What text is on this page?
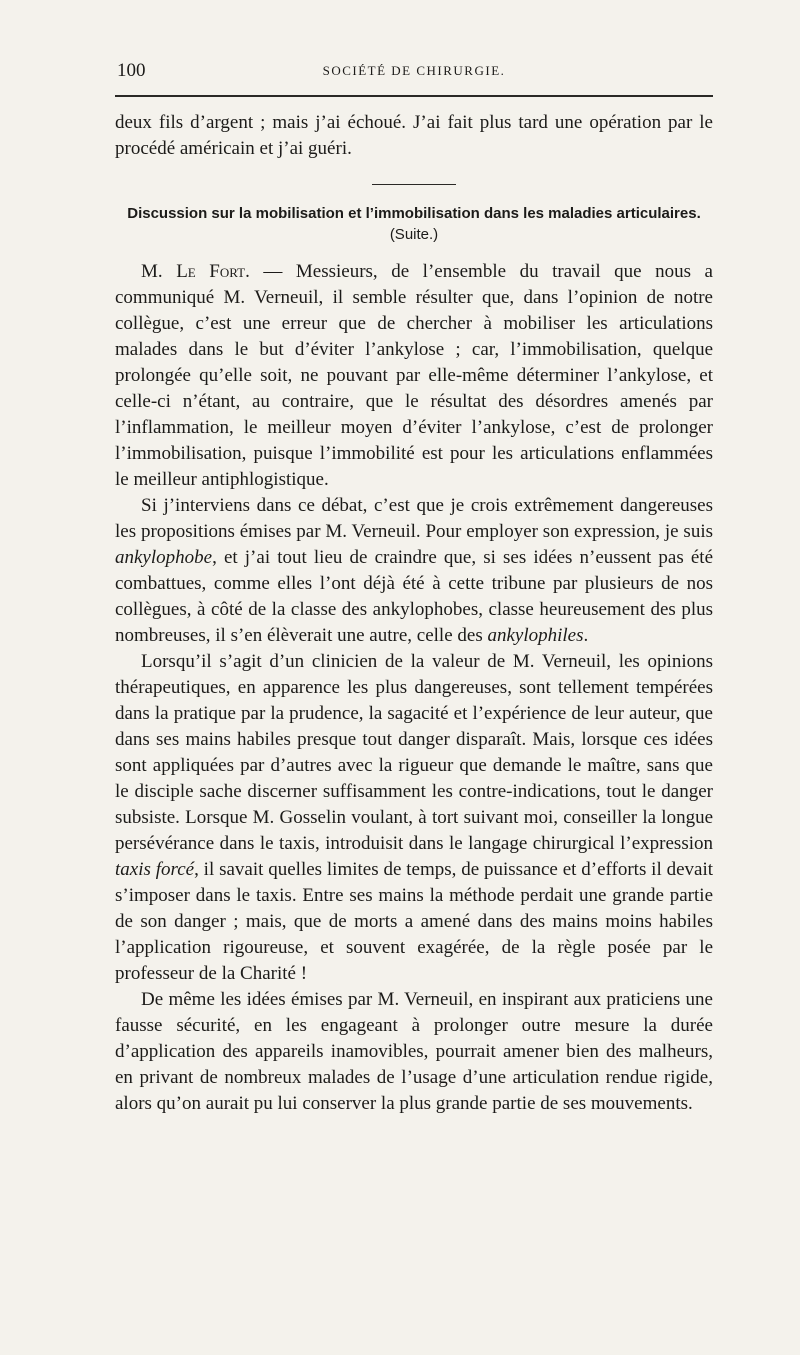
100	SOCIÉTÉ DE CHIRURGIE.

deux fils d’argent ; mais j’ai échoué. J’ai fait plus tard une opération par le procédé américain et j’ai guéri.

Discussion sur la mobilisation et l’immobilisation dans les maladies articulaires. (Suite.)

M. Le Fort. — Messieurs, de l’ensemble du travail que nous a communiqué M. Verneuil, il semble résulter que, dans l’opinion de notre collègue, c’est une erreur que de chercher à mobiliser les articulations malades dans le but d’éviter l’ankylose ; car, l’immobilisation, quelque prolongée qu’elle soit, ne pouvant par elle-même déterminer l’ankylose, et celle-ci n’étant, au contraire, que le résultat des désordres amenés par l’inflammation, le meilleur moyen d’éviter l’ankylose, c’est de prolonger l’immobilisation, puisque l’immobilité est pour les articulations enflammées le meilleur antiphlogistique.

Si j’interviens dans ce débat, c’est que je crois extrêmement dangereuses les propositions émises par M. Verneuil. Pour employer son expression, je suis ankylophobe, et j’ai tout lieu de craindre que, si ses idées n’eussent pas été combattues, comme elles l’ont déjà été à cette tribune par plusieurs de nos collègues, à côté de la classe des ankylophobes, classe heureusement des plus nombreuses, il s’en élèverait une autre, celle des ankylophiles.

Lorsqu’il s’agit d’un clinicien de la valeur de M. Verneuil, les opinions thérapeutiques, en apparence les plus dangereuses, sont tellement tempérées dans la pratique par la prudence, la sagacité et l’expérience de leur auteur, que dans ses mains habiles presque tout danger disparaît. Mais, lorsque ces idées sont appliquées par d’autres avec la rigueur que demande le maître, sans que le disciple sache discerner suffisamment les contre-indications, tout le danger subsiste. Lorsque M. Gosselin voulant, à tort suivant moi, conseiller la longue persévérance dans le taxis, introduisit dans le langage chirurgical l’expression taxis forcé, il savait quelles limites de temps, de puissance et d’efforts il devait s’imposer dans le taxis. Entre ses mains la méthode perdait une grande partie de son danger ; mais, que de morts a amené dans des mains moins habiles l’application rigoureuse, et souvent exagérée, de la règle posée par le professeur de la Charité !

De même les idées émises par M. Verneuil, en inspirant aux praticiens une fausse sécurité, en les engageant à prolonger outre mesure la durée d’application des appareils inamovibles, pourrait amener bien des malheurs, en privant de nombreux malades de l’usage d’une articulation rendue rigide, alors qu’on aurait pu lui conserver la plus grande partie de ses mouvements.
